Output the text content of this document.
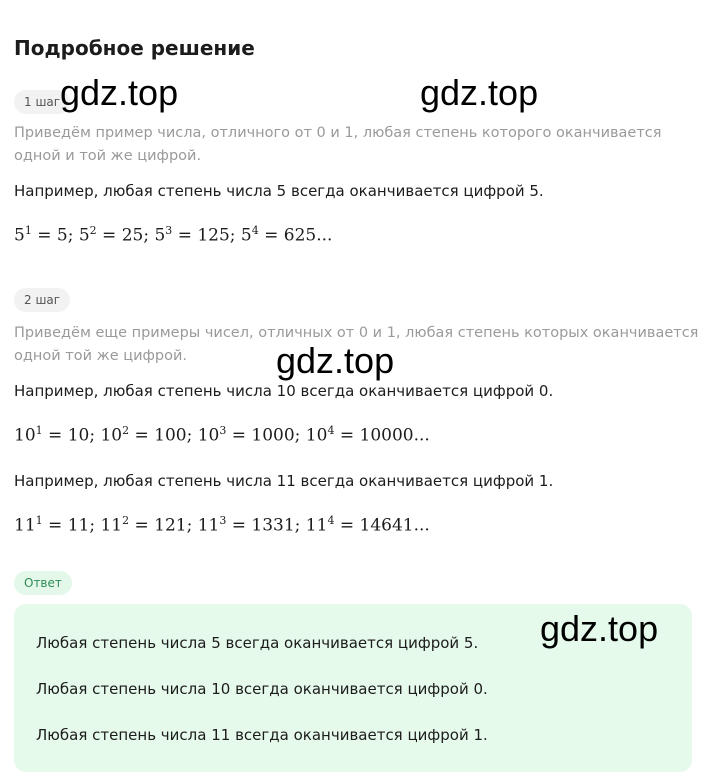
Подробное решение
1 шаг
Приведём пример числа, отличного от 0 и 1, любая степень которого оканчивается
одной и той же цифрой.
Например, любая степень числа 5 всегда оканчивается цифрой 5.
$5^1 = 5$; $5^2 = 25$; $5^3 = 125$; $5^4 = 625$...
2 шаг
Приведём еще примеры чисел, отличных от 0 и 1, любая степень которых оканчивается
одной той же цифрой.
Например, любая степень числа 10 всегда оканчивается цифрой 0.
$10^1 = 10$; $10^2 = 100$; $10^3 = 1000$; $10^4 = 10000$...
Например, любая степень числа 11 всегда оканчивается цифрой 1.
$11^1 = 11$; $11^2 = 121$; $11^3 = 1331$; $11^4 = 14641$...
Ответ
Любая степень числа 5 всегда оканчивается цифрой 5.
Любая степень числа 10 всегда оканчивается цифрой 0.
Любая степень числа 11 всегда оканчивается цифрой 1.
gdz.top	gdz.top
gdz.top
gdz.top
